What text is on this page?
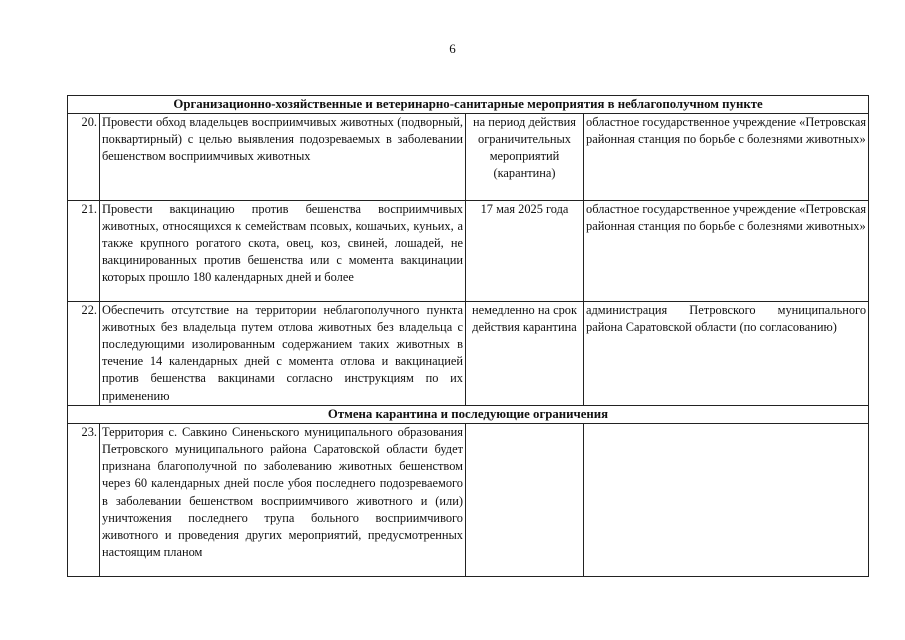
6
Организационно-хозяйственные и ветеринарно-санитарные мероприятия в неблагополучном пункте			
20.	Провести обход владельцев восприимчивых животных (подворный, поквартирный) с целью выявления подозреваемых в заболевании бешенством восприимчивых животных	на период действия ограничительных мероприятий (карантина)	областное государственное учреждение «Петровская районная станция по борьбе с болезнями животных»
21.	Провести вакцинацию против бешенства восприимчивых животных, относящихся к семействам псовых, кошачьих, куньих, а также крупного рогатого скота, овец, коз, свиней, лошадей, не вакцинированных против бешенства или с момента вакцинации которых прошло 180 календарных дней и более	17 мая 2025 года	областное государственное учреждение «Петровская районная станция по борьбе с болезнями животных»
22.	Обеспечить отсутствие на территории неблагополучного пункта животных без владельца путем отлова животных без владельца с последующими изолированным содержанием таких животных в течение 14 календарных дней с момента отлова и вакцинацией против бешенства вакцинами согласно инструкциям по их применению	немедленно на срок действия карантина	администрация Петровского муниципального района Саратовской области (по согласованию)
Отмена карантина и последующие ограничения			
23.	Территория с. Савкино Синеньского муниципального образования Петровского муниципального района Саратовской области будет признана благополучной по заболеванию животных бешенством через 60 календарных дней после убоя последнего подозреваемого в заболевании бешенством восприимчивого животного и (или) уничтожения последнего трупа больного восприимчивого животного и проведения других мероприятий, предусмотренных настоящим планом		
